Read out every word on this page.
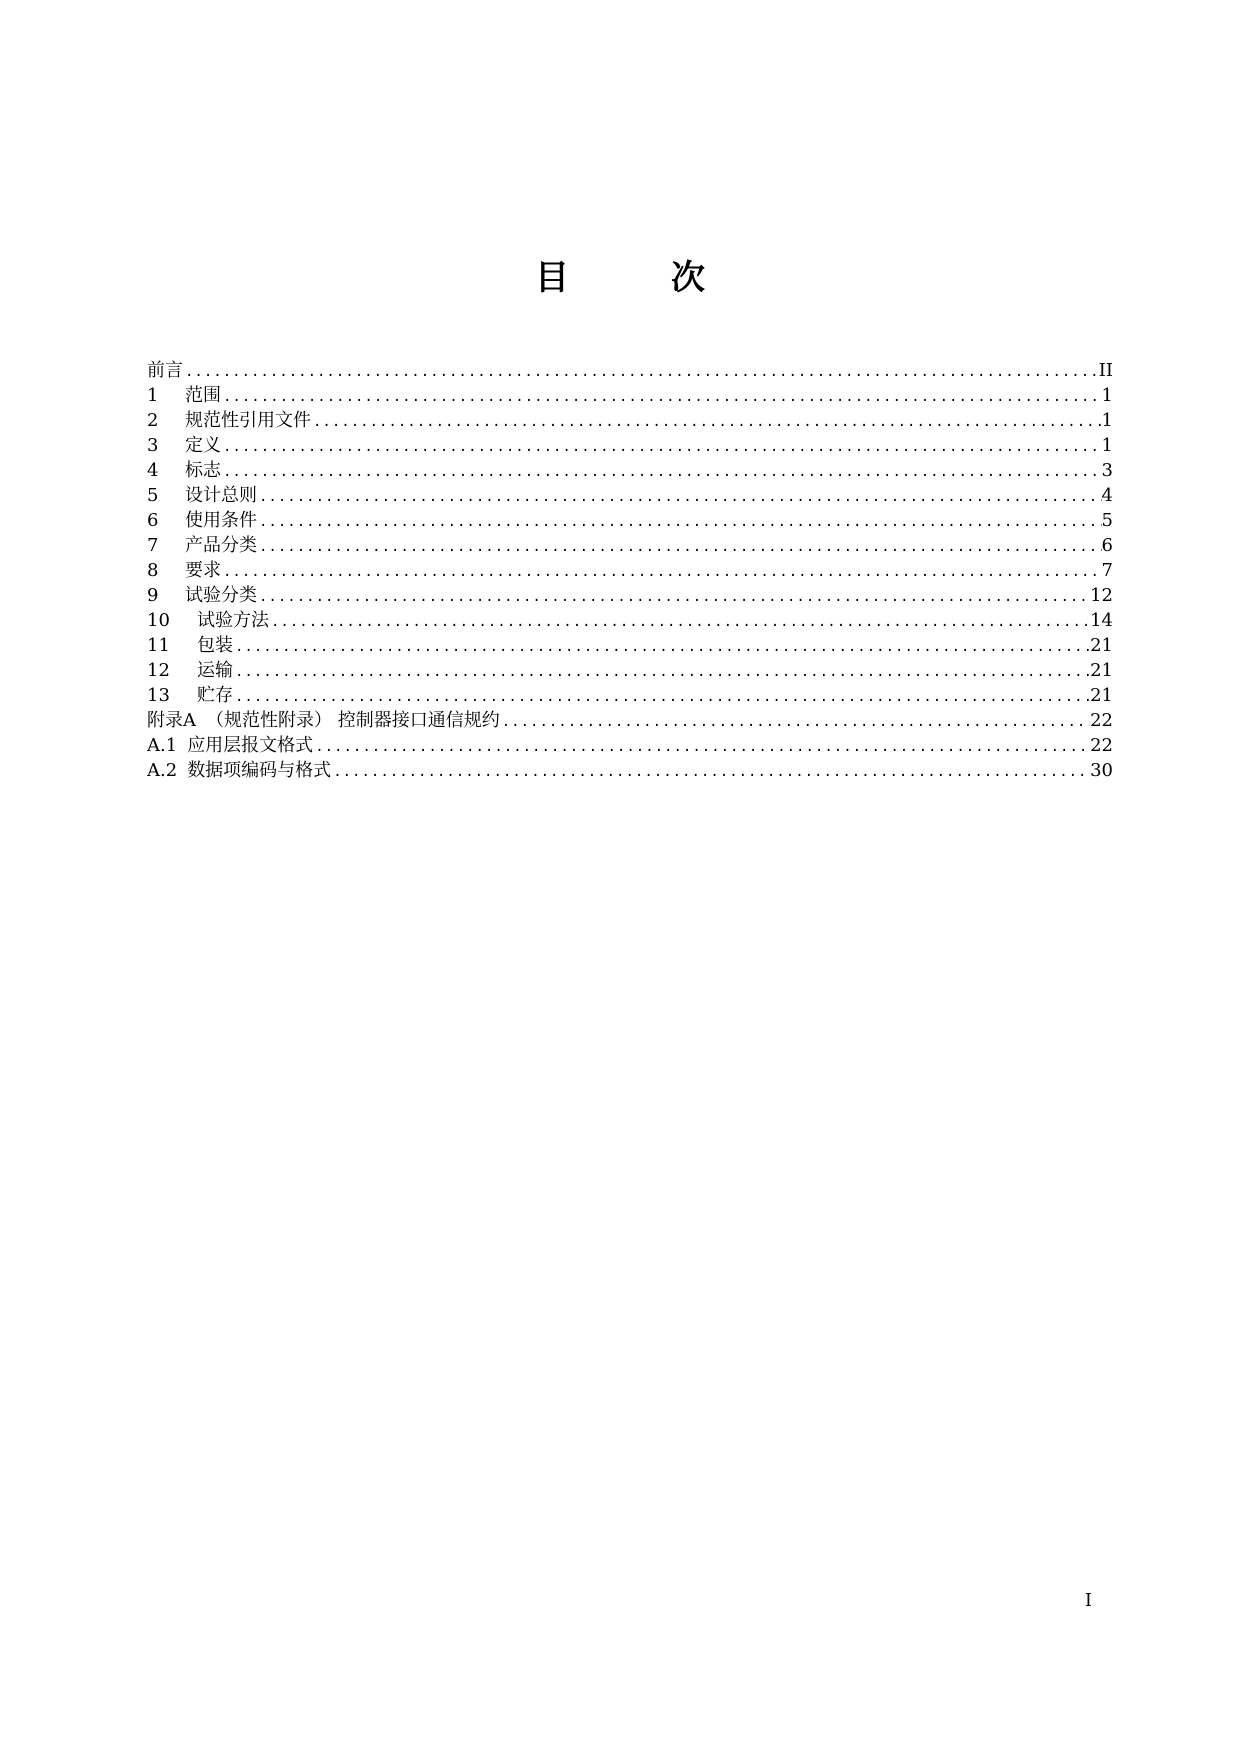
目　次
前言 .....	II
1	范围 .....	1
2	规范性引用文件 .....	1
3	定义 .....	1
4	标志 .....	3
5	设计总则 .....	4
6	使用条件 .....	5
7	产品分类 .....	6
8	要求 .....	7
9	试验分类 .....	12
10	试验方法 .....	14
11	包装 .....	21
12	运输 .....	21
13	贮存 .....	21
附录A （规范性附录） 控制器接口通信规约 .....	22
A.1 应用层报文格式 .....	22
A.2 数据项编码与格式 .....	30
I
